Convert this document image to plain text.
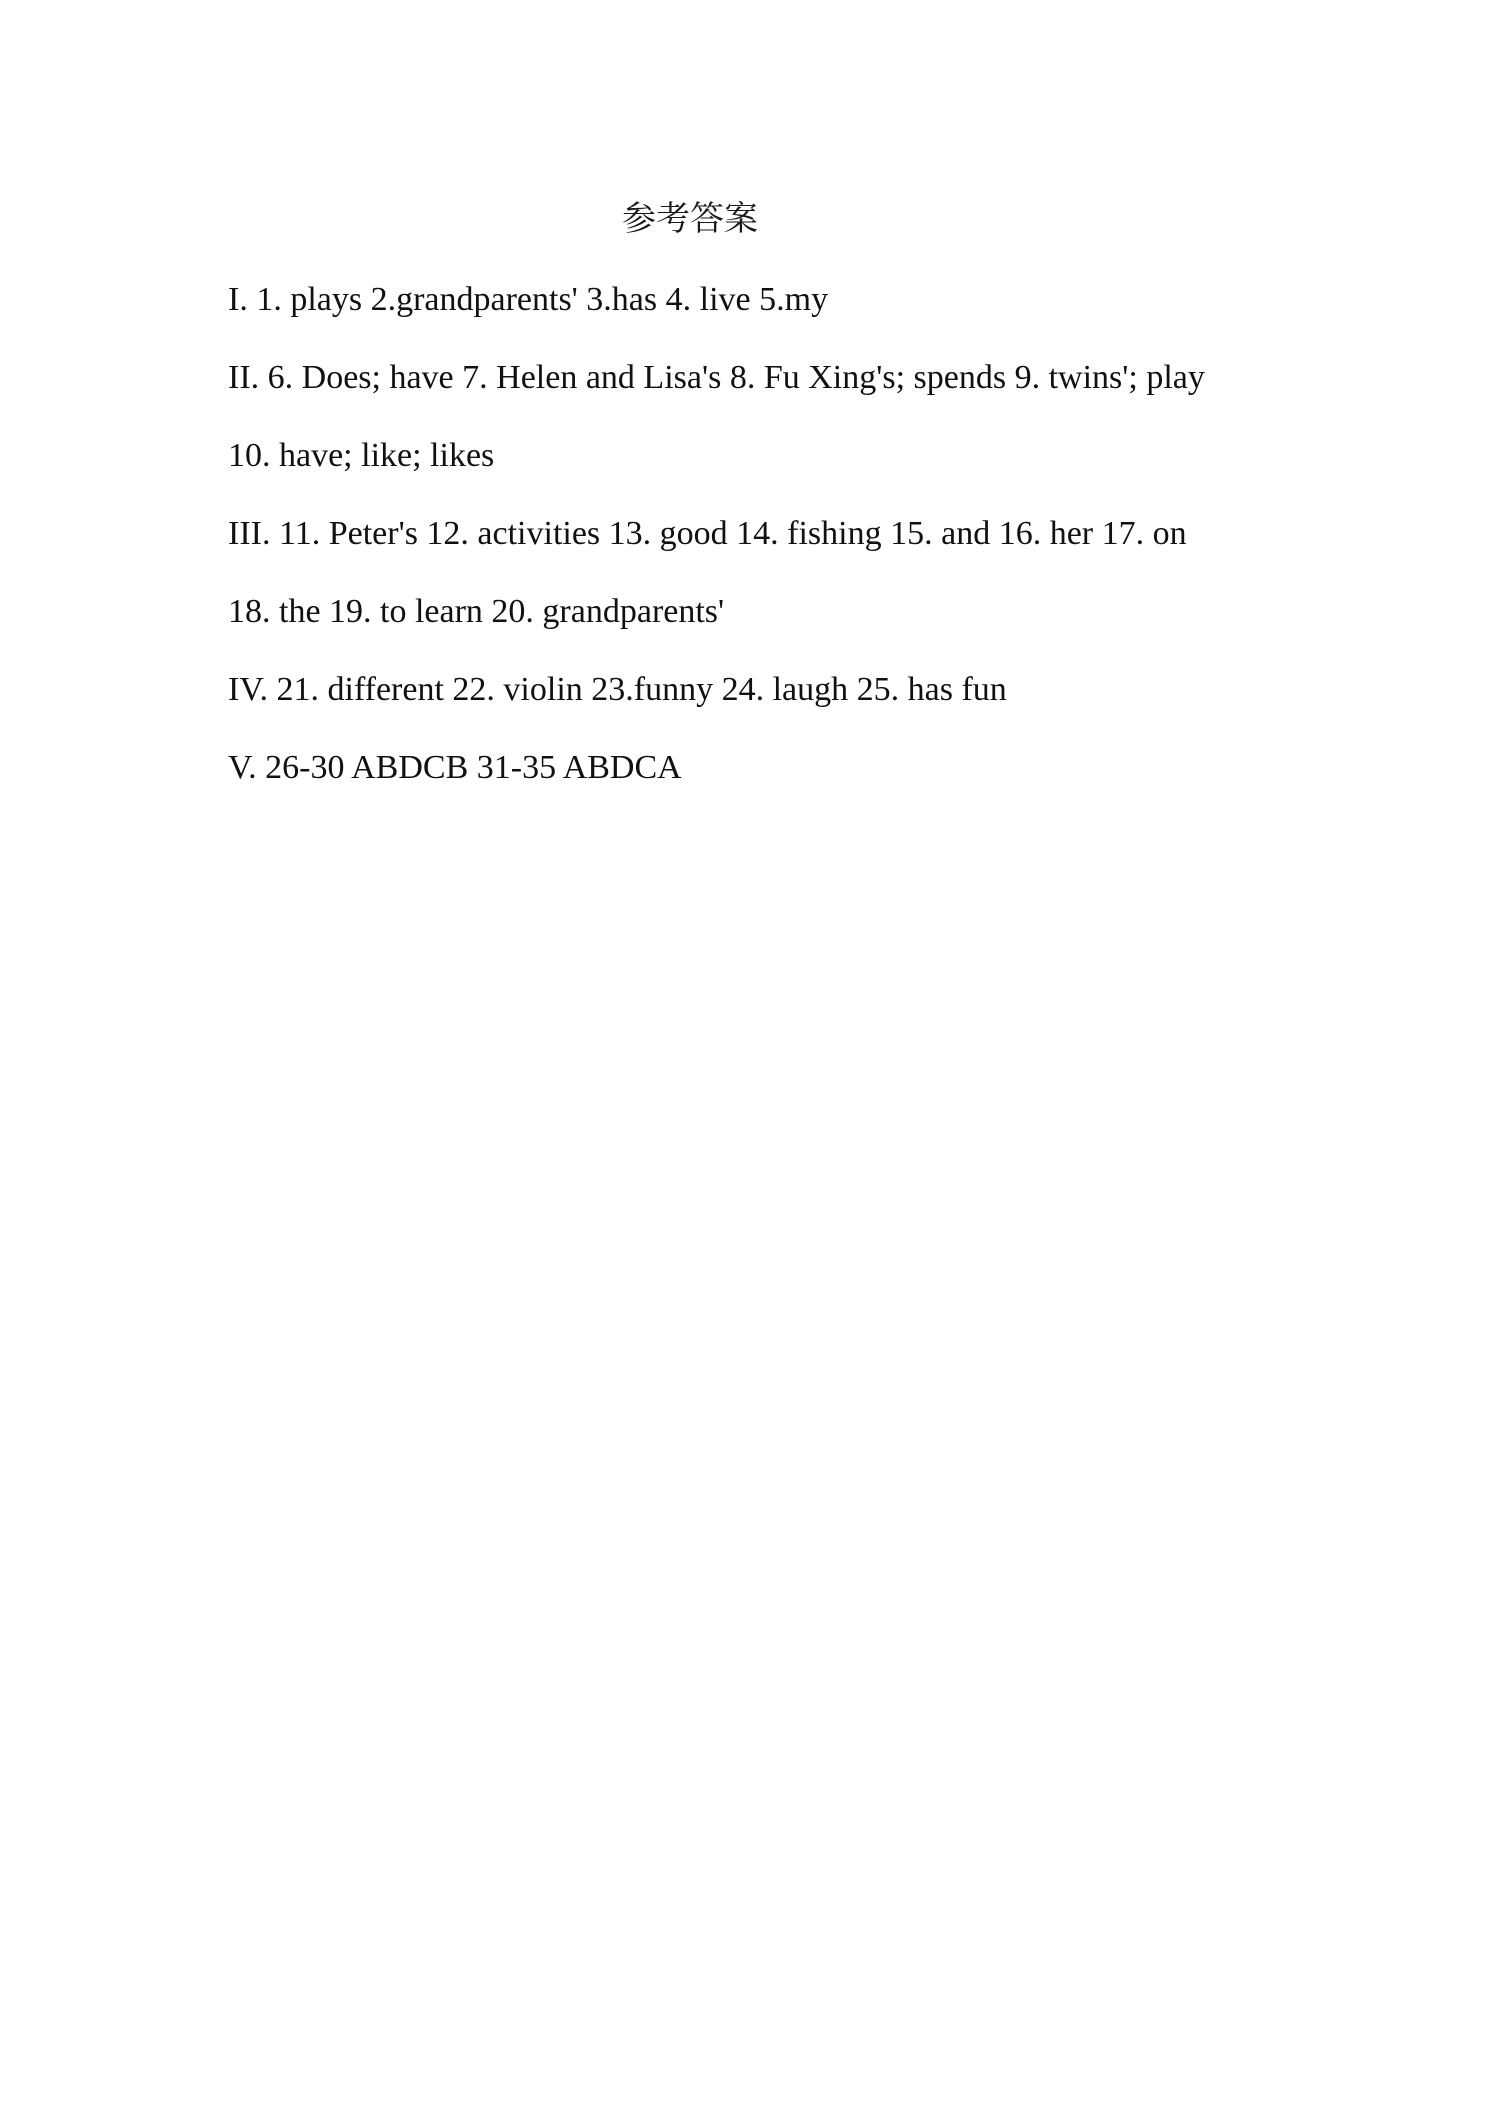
参考答案
I. 1. plays 2.grandparents' 3.has 4. live 5.my
II. 6. Does; have 7. Helen and Lisa's 8. Fu Xing's; spends 9. twins'; play
10. have; like; likes
III. 11. Peter's 12. activities 13. good 14. fishing 15. and 16. her 17. on
18. the 19. to learn 20. grandparents'
IV. 21. different 22. violin 23.funny 24. laugh 25. has fun
V. 26-30 ABDCB 31-35 ABDCA
